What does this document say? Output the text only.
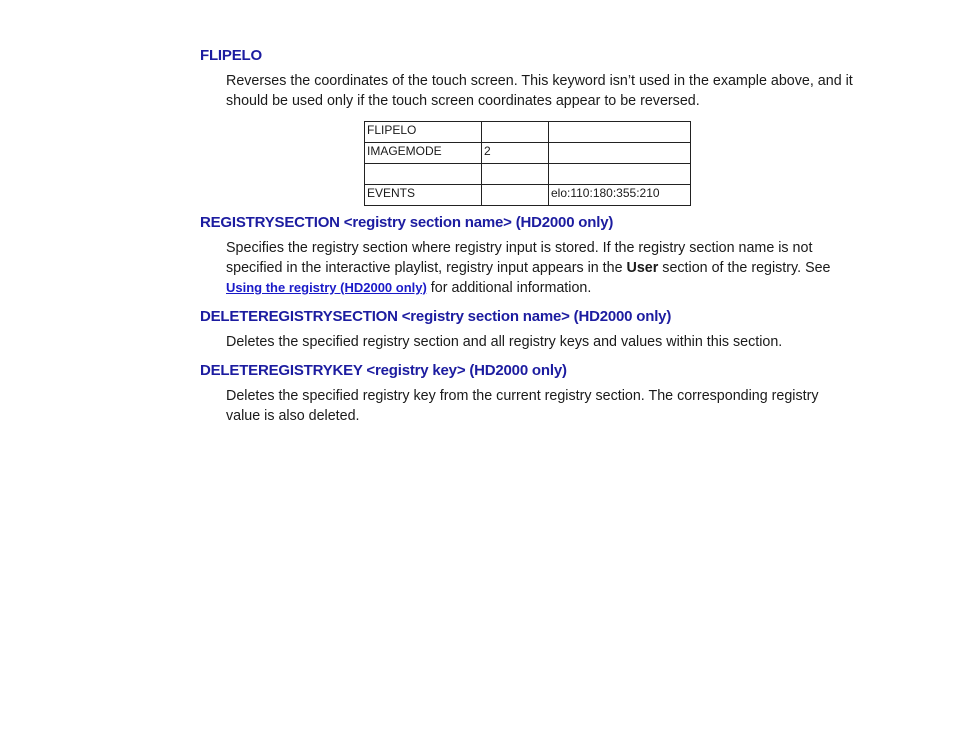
FLIPELO

Reverses the coordinates of the touch screen. This keyword isn’t used in the example above, and it should be used only if the touch screen coordinates appear to be reversed.

FLIPELO		
IMAGEMODE	2	

EVENTS		elo:110:180:355:210
REGISTRYSECTION <registry section name> (HD2000 only)

Specifies the registry section where registry input is stored. If the registry section name is not specified in the interactive playlist, registry input appears in the User section of the registry. See Using the registry (HD2000 only) for additional information.

DELETEREGISTRYSECTION <registry section name> (HD2000 only)

Deletes the specified registry section and all registry keys and values within this section.

DELETEREGISTRYKEY <registry key> (HD2000 only)

Deletes the specified registry key from the current registry section. The corresponding registry value is also deleted.
